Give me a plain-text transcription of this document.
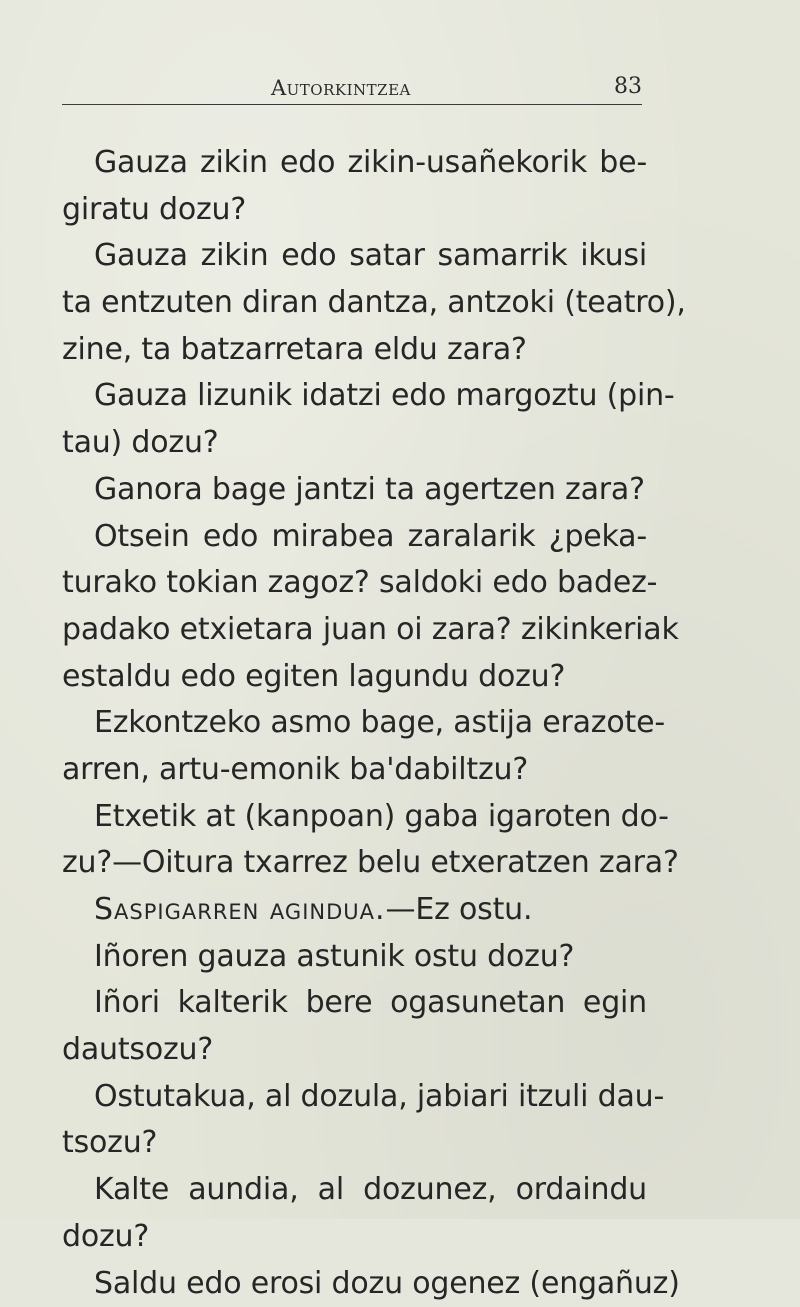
Autorkintzea	83
Gauza zikin edo zikin-usañekorik be-
giratu dozu?
Gauza zikin edo satar samarrik ikusi
ta entzuten diran dantza, antzoki (teatro),
zine, ta batzarretara eldu zara?
Gauza lizunik idatzi edo margoztu (pin-
tau) dozu?
Ganora bage jantzi ta agertzen zara?
Otsein edo mirabea zaralarik ¿peka-
turako tokian zagoz? saldoki edo badez-
padako etxietara juan oi zara? zikinkeriak
estaldu edo egiten lagundu dozu?
Ezkontzeko asmo bage, astija erazote-
arren, artu-emonik ba'dabiltzu?
Etxetik at (kanpoan) gaba igaroten do-
zu?—Oitura txarrez belu etxeratzen zara?
Saspigarren agindua.—Ez ostu.
Iñoren gauza astunik ostu dozu?
Iñori kalterik bere ogasunetan egin
dautsozu?
Ostutakua, al dozula, jabiari itzuli dau-
tsozu?
Kalte aundia, al dozunez, ordaindu
dozu?
Saldu edo erosi dozu ogenez (engañuz)
